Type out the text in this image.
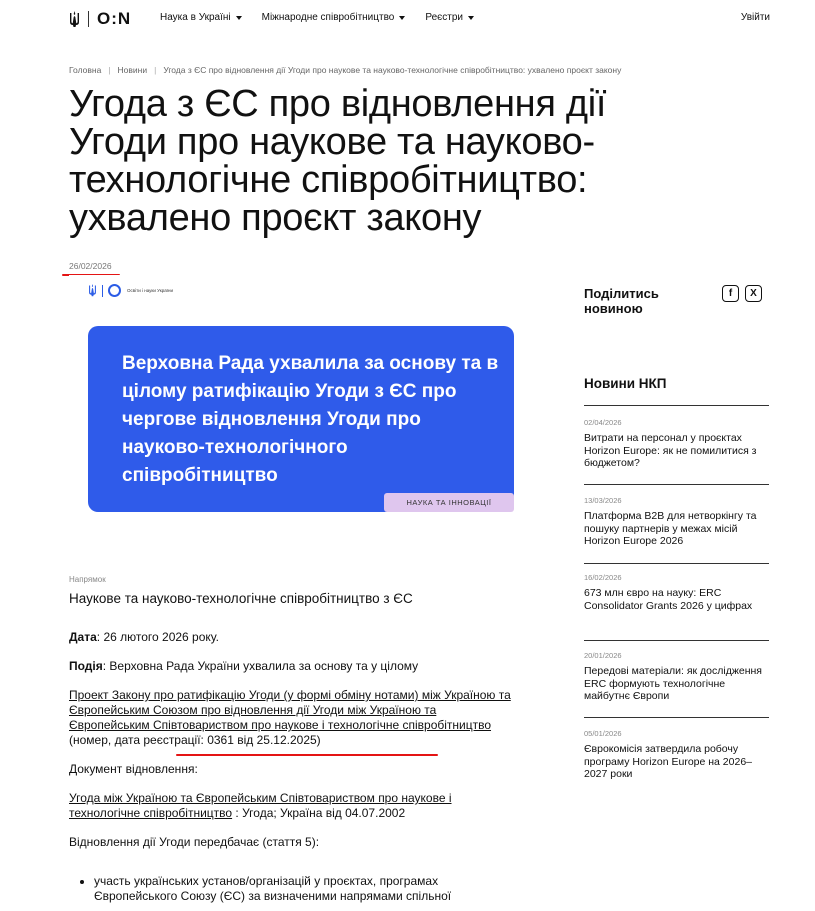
O:N	Наука в Україні	Міжнародне співробітництво	Реєстри	Увійти
Головна | Новини | Угода з ЄС про відновлення дії Угоди про наукове та науково-технологічне співробітництво: ухвалено проєкт закону
Угода з ЄС про відновлення дії Угоди про наукове та науково-технологічне співробітництво: ухвалено проєкт закону
26/02/2026
Освіти і науки України
Верховна Рада ухвалила за основу та в цілому ратифікацію Угоди з ЄС про чергове відновлення Угоди про науково-технологічного співробітництво
НАУКА ТА ІННОВАЦІЇ
Напрямок
Наукове та науково-технологічне співробітництво з ЄС

Дата: 26 лютого 2026 року.

Подія: Верховна Рада України ухвалила за основу та у цілому

Проект Закону про ратифікацію Угоди (у формі обміну нотами) між Україною та Європейським Союзом про відновлення дії Угоди між Україною та Європейським Співтовариством про наукове і технологічне співробітництво (номер, дата реєстрації: 0361 від 25.12.2025)

Документ відновлення:

Угода між Україною та Європейським Співтовариством про наукове і технологічне співробітництво : Угода; Україна від 04.07.2002

Відновлення дії Угоди передбачає (стаття 5):

участь українських установ/організацій у проєктах, програмах Європейського Союзу (ЄС) за визначеними напрямами спільної
Поділитись новиною
f	X
Новини НКП
02/04/2026
Витрати на персонал у проєктах Horizon Europe: як не помилитися з бюджетом?
13/03/2026
Платформа B2B для нетворкінгу та пошуку партнерів у межах місій Horizon Europe 2026
16/02/2026
673 млн євро на науку: ERC Consolidator Grants 2026 у цифрах
20/01/2026
Передові матеріали: як дослідження ERC формують технологічне майбутнє Європи
05/01/2026
Єврокомісія затвердила робочу програму Horizon Europe на 2026–2027 роки
